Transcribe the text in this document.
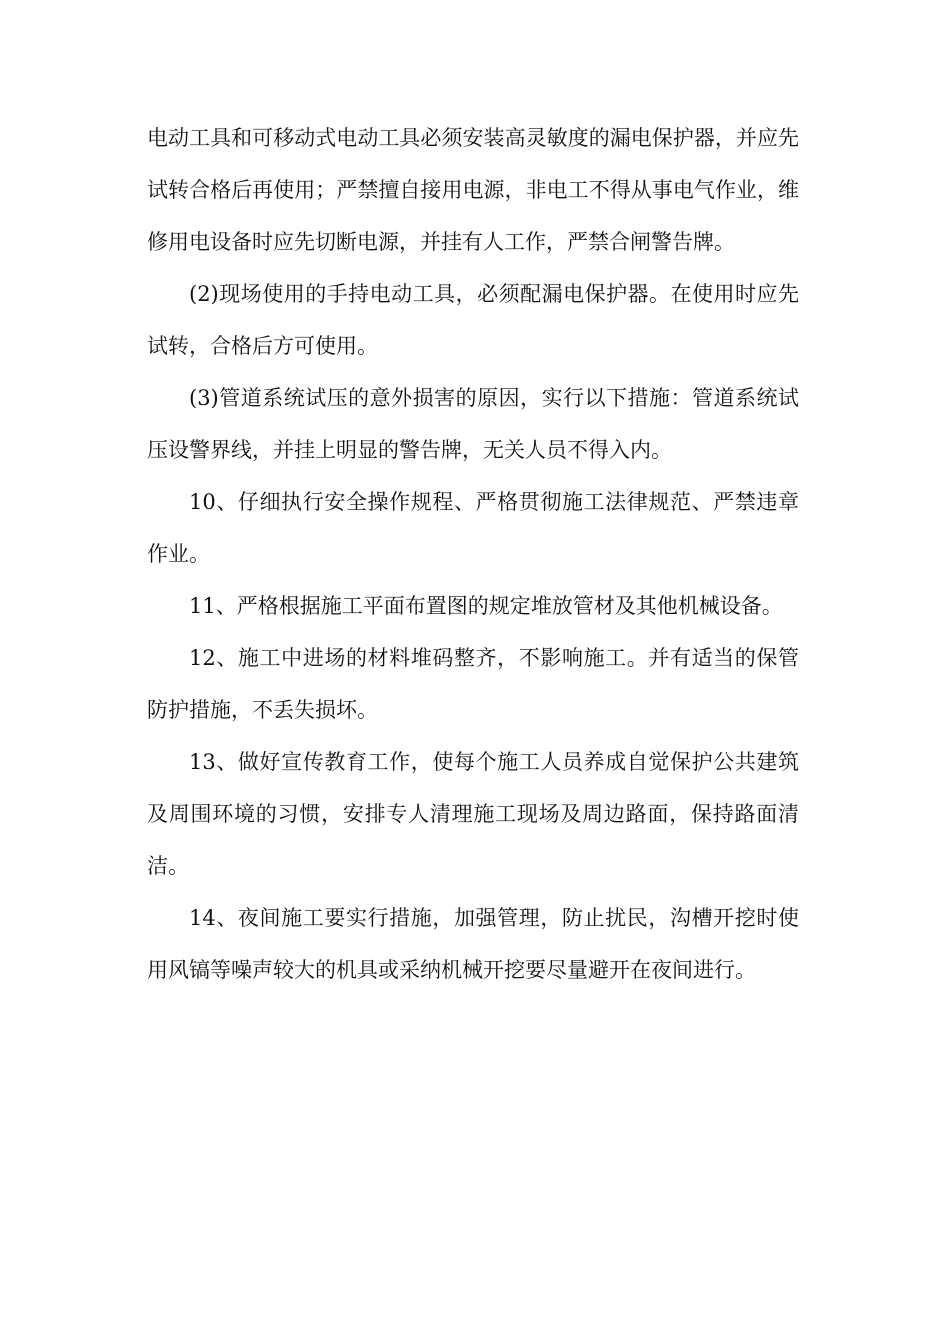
电动工具和可移动式电动工具必须安装高灵敏度的漏电保护器，并应先试转合格后再使用；严禁擅自接用电源，非电工不得从事电气作业，维修用电设备时应先切断电源，并挂有人工作，严禁合闸警告牌。

(2)现场使用的手持电动工具，必须配漏电保护器。在使用时应先试转，合格后方可使用。

(3)管道系统试压的意外损害的原因，实行以下措施：管道系统试压设警界线，并挂上明显的警告牌，无关人员不得入内。

10、仔细执行安全操作规程、严格贯彻施工法律规范、严禁违章作业。

11、严格根据施工平面布置图的规定堆放管材及其他机械设备。

12、施工中进场的材料堆码整齐，不影响施工。并有适当的保管防护措施，不丢失损坏。

13、做好宣传教育工作，使每个施工人员养成自觉保护公共建筑及周围环境的习惯，安排专人清理施工现场及周边路面，保持路面清洁。

14、夜间施工要实行措施，加强管理，防止扰民，沟槽开挖时使用风镐等噪声较大的机具或采纳机械开挖要尽量避开在夜间进行。
